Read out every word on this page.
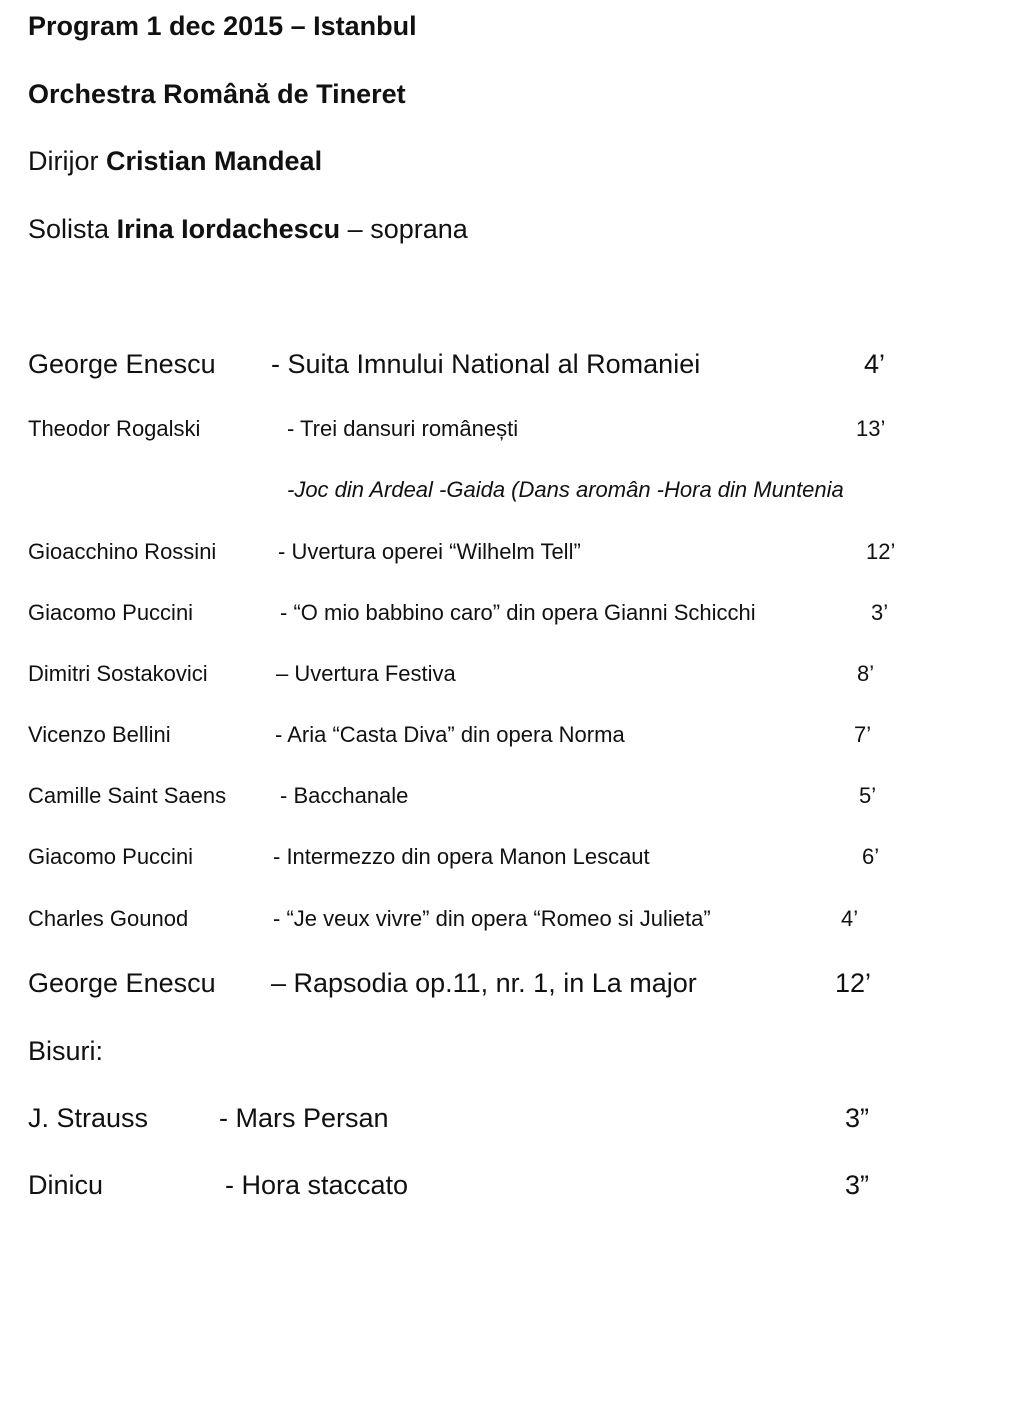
Program 1 dec 2015 – Istanbul
Orchestra Română de Tineret
Dirijor Cristian Mandeal
Solista Irina Iordachescu – soprana
George Enescu - Suita Imnului National al Romaniei	4’
Theodor Rogalski	- Trei dansuri românești	13’
-Joc din Ardeal -Gaida (Dans aromân -Hora din Muntenia
Gioacchino Rossini	- Uvertura operei “Wilhelm Tell”	12’
Giacomo Puccini	- “O mio babbino caro” din opera Gianni Schicchi	3’
Dimitri Sostakovici	– Uvertura Festiva	8’
Vicenzo Bellini	- Aria “Casta Diva” din opera Norma	7’
Camille Saint Saens - Bacchanale	5’
Giacomo Puccini	- Intermezzo din opera Manon Lescaut	6’
Charles Gounod	- “Je veux vivre” din opera “Romeo si Julieta”	4’
George Enescu – Rapsodia op.11, nr. 1, in La major	12’
Bisuri:
J. Strauss	- Mars Persan	3”
Dinicu	- Hora staccato	3”
